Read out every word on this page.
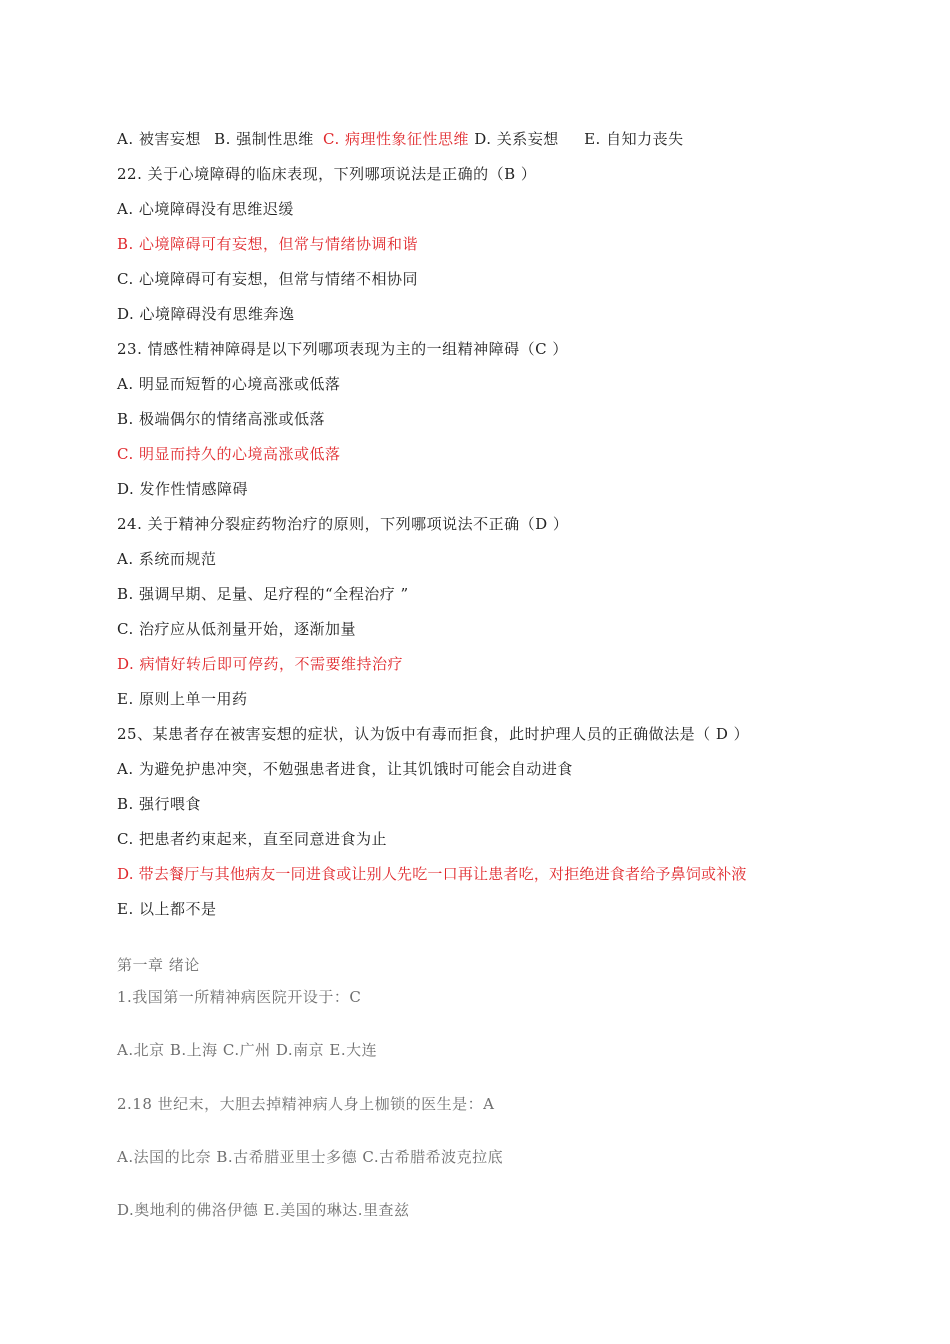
A. 被害妄想 B. 强制性思维 C. 病理性象征性思维 D. 关系妄想 E. 自知力丧失
22. 关于心境障碍的临床表现，下列哪项说法是正确的（B ）
A. 心境障碍没有思维迟缓
B. 心境障碍可有妄想，但常与情绪协调和谐
C. 心境障碍可有妄想，但常与情绪不相协同
D. 心境障碍没有思维奔逸
23. 情感性精神障碍是以下列哪项表现为主的一组精神障碍（C ）
A. 明显而短暂的心境高涨或低落
B. 极端偶尔的情绪高涨或低落
C. 明显而持久的心境高涨或低落
D. 发作性情感障碍
24. 关于精神分裂症药物治疗的原则，下列哪项说法不正确（D ）
A. 系统而规范
B. 强调早期、足量、足疗程的“全程治疗 ”
C. 治疗应从低剂量开始，逐渐加量
D. 病情好转后即可停药，不需要维持治疗
E. 原则上单一用药
25、某患者存在被害妄想的症状，认为饭中有毒而拒食，此时护理人员的正确做法是（ D ）
A. 为避免护患冲突，不勉强患者进食，让其饥饿时可能会自动进食
B. 强行喂食
C. 把患者约束起来，直至同意进食为止
D. 带去餐厅与其他病友一同进食或让别人先吃一口再让患者吃，对拒绝进食者给予鼻饲或补液
E. 以上都不是
第一章 绪论
1.我国第一所精神病医院开设于：C
A.北京 B.上海 C.广州 D.南京 E.大连
2.18 世纪末，大胆去掉精神病人身上枷锁的医生是：A
A.法国的比奈 B.古希腊亚里士多德 C.古希腊希波克拉底
D.奥地利的佛洛伊德 E.美国的琳达.里查兹
